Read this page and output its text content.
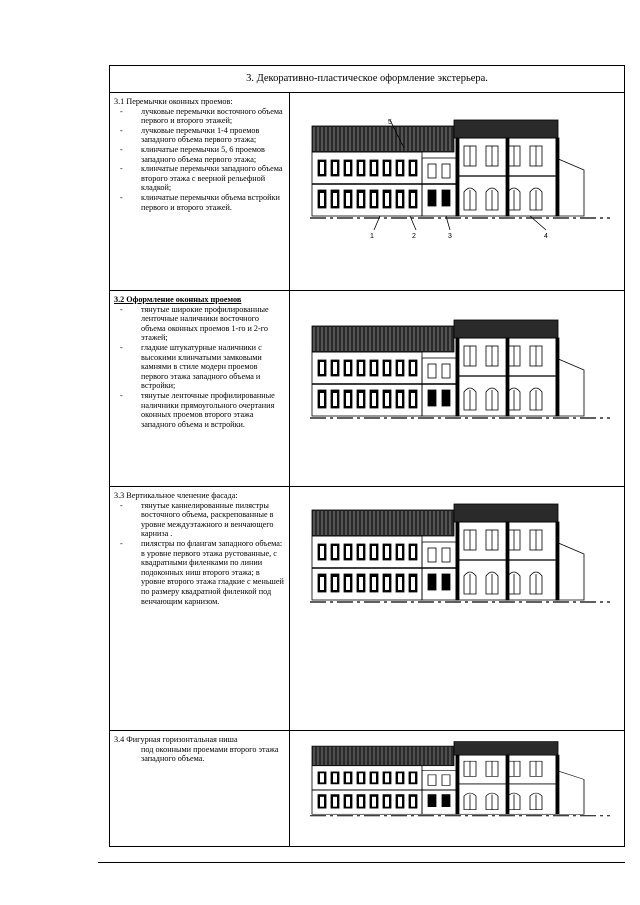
3. Декоративно-пластическое оформление экстерьера.

3.1 Перемычки оконных проемов:

- лучковые перемычки восточного объема первого и второго этажей;
- лучковые перемычки 1-4 проемов западного объема первого этажа;
- клинчатые перемычки 5, 6 проемов западного объема первого этажа;
- клинчатые перемычки западного объема второго этажа с веерной рельефной кладкой;
- клинчатые перемычки объема встройки первого и второго этажей.
1	2	3	4
5

3.2 Оформление оконных проемов

- тянутые широкие профилированные ленточные наличники восточного объема оконных проемов 1-го и 2-го этажей;
- гладкие штукатурные наличники с высокими клинчатыми замковыми камнями в стиле модерн проемов первого этажа западного объема и встройки;
- тянутые ленточные профилированные наличники прямоугольного очертания оконных проемов второго этажа западного объема и встройки.

3.3 Вертикальное членение фасада:

- тянутые каннелированные пилястры восточного объема, раскрепованные в уровне междуэтажного и венчающего карниза .
- пилястры по флангам западного объема: в уровне первого этажа рустованные, с квадратными филенками по линии подоконных ниш второго этажа; в уровне второго этажа гладкие с меньшей по размеру квадратной филенкой под венчающим карнизом.

3.4 Фигурная горизонтальная ниша

под оконными проемами второго этажа западного объема.
